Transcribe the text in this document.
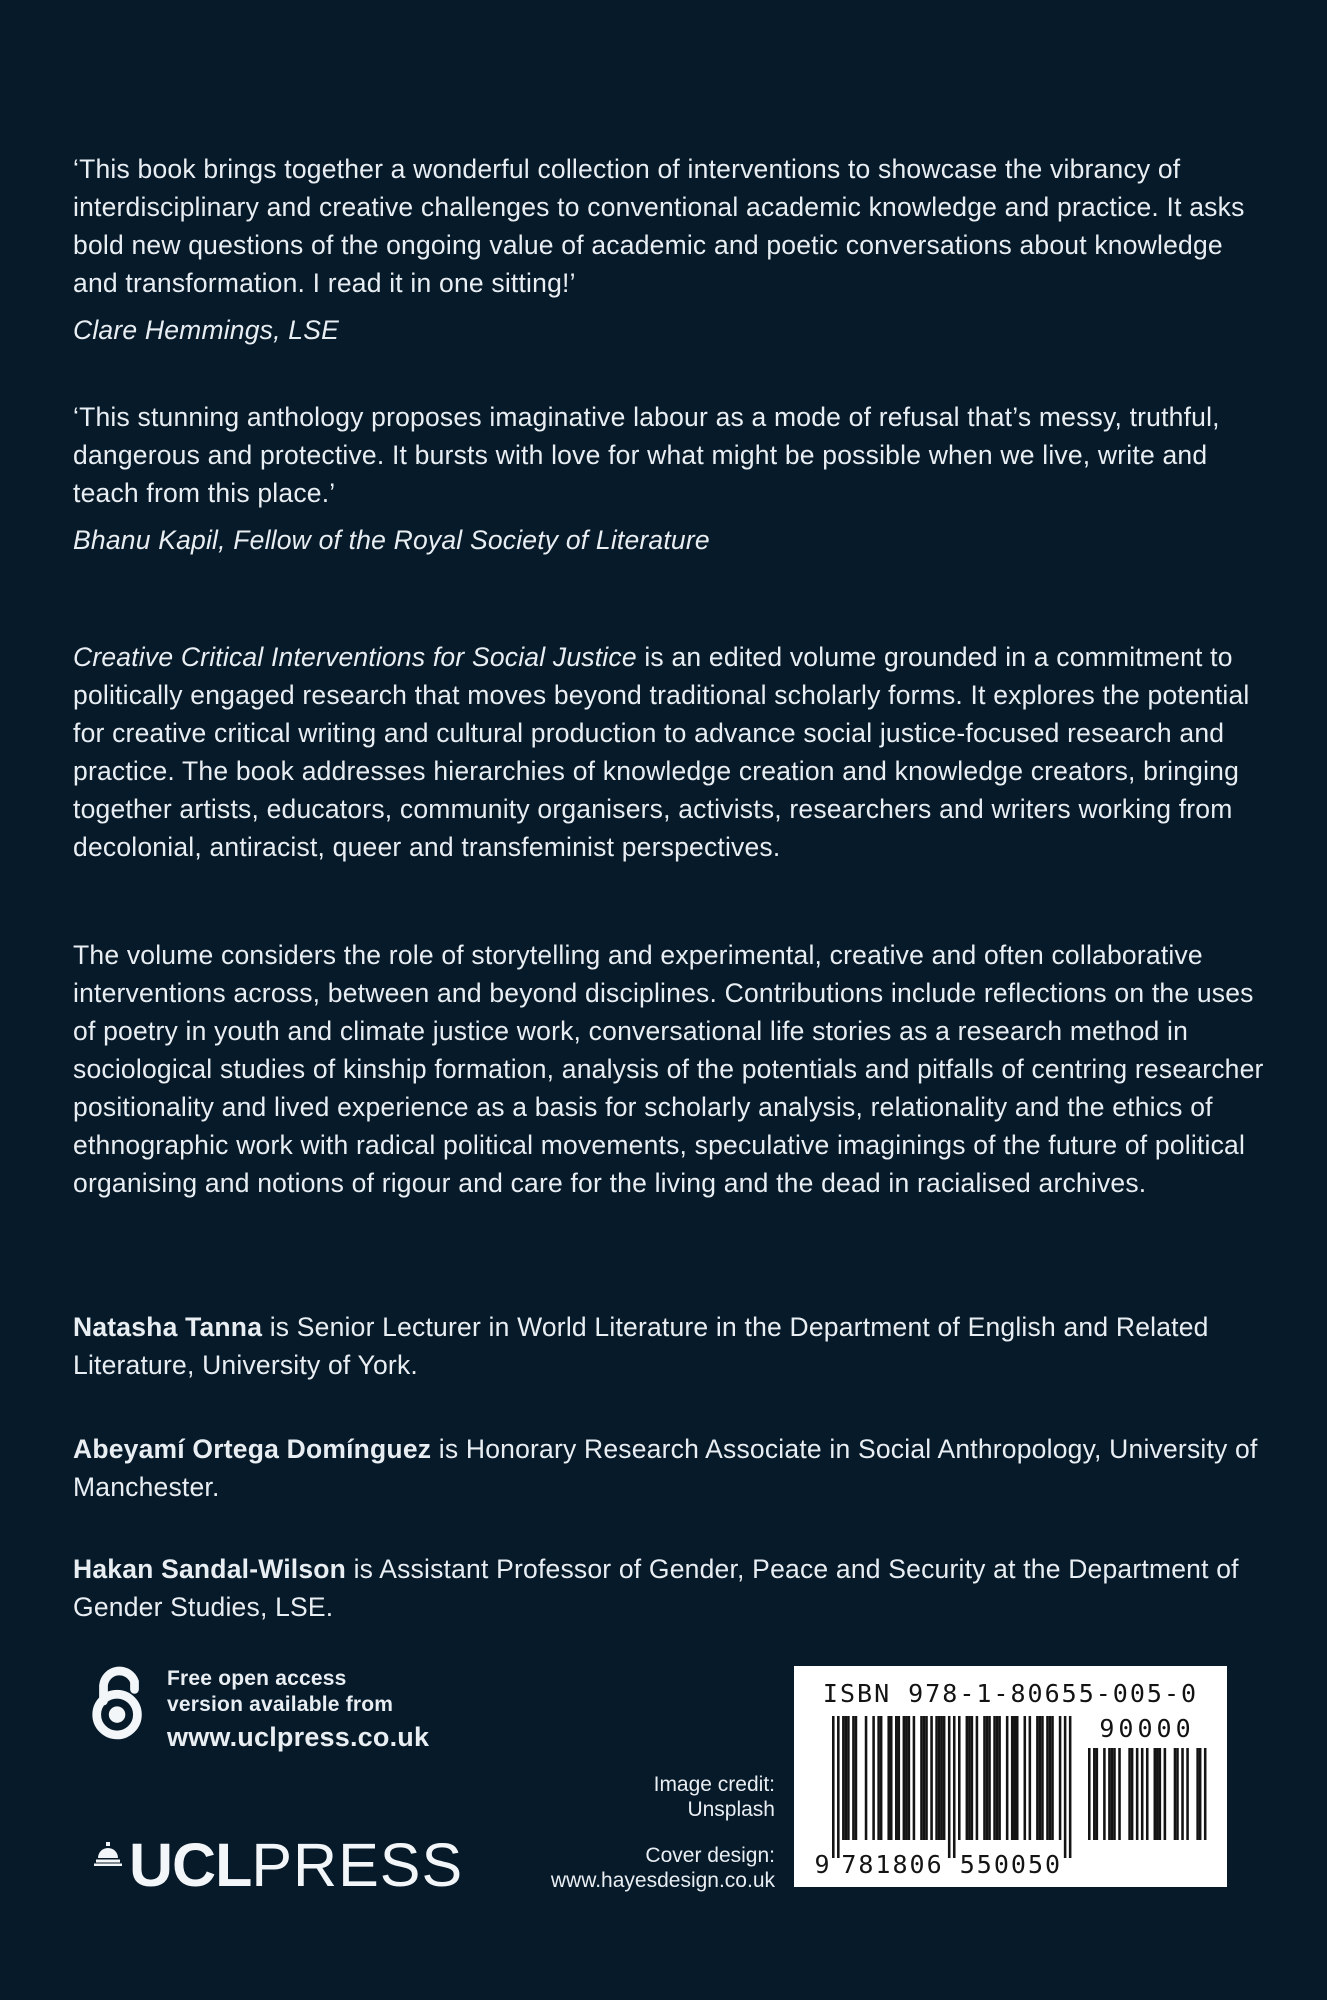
‘This book brings together a wonderful collection of interventions to showcase the vibrancy of interdisciplinary and creative challenges to conventional academic knowledge and practice. It asks bold new questions of the ongoing value of academic and poetic conversations about knowledge and transformation. I read it in one sitting!’

Clare Hemmings, LSE

‘This stunning anthology proposes imaginative labour as a mode of refusal that’s messy, truthful, dangerous and protective. It bursts with love for what might be possible when we live, write and teach from this place.’

Bhanu Kapil, Fellow of the Royal Society of Literature

Creative Critical Interventions for Social Justice is an edited volume grounded in a commitment to politically engaged research that moves beyond traditional scholarly forms. It explores the potential for creative critical writing and cultural production to advance social justice-focused research and practice. The book addresses hierarchies of knowledge creation and knowledge creators, bringing together artists, educators, community organisers, activists, researchers and writers working from decolonial, antiracist, queer and transfeminist perspectives.

The volume considers the role of storytelling and experimental, creative and often collaborative interventions across, between and beyond disciplines. Contributions include reflections on the uses of poetry in youth and climate justice work, conversational life stories as a research method in sociological studies of kinship formation, analysis of the potentials and pitfalls of centring researcher positionality and lived experience as a basis for scholarly analysis, relationality and the ethics of ethnographic work with radical political movements, speculative imaginings of the future of political organising and notions of rigour and care for the living and the dead in racialised archives.

Natasha Tanna is Senior Lecturer in World Literature in the Department of English and Related Literature, University of York.

Abeyamí Ortega Domínguez is Honorary Research Associate in Social Anthropology, University of Manchester.

Hakan Sandal-Wilson is Assistant Professor of Gender, Peace and Security at the Department of Gender Studies, LSE.

Free open access
version available from
www.uclpress.co.uk
UCL PRESS
Image credit:
Unsplash
Cover design:
www.hayesdesign.co.uk
ISBN 978-1-80655-005-0
9 781806 550050
90000
